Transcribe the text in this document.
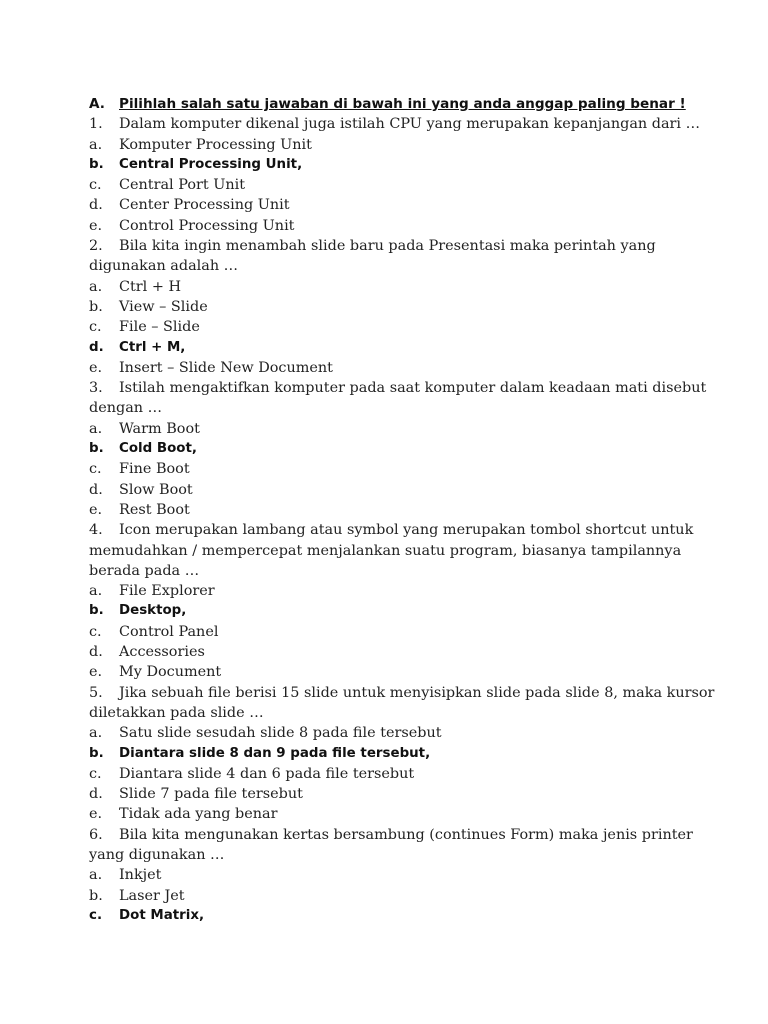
A. Pilihlah salah satu jawaban di bawah ini yang anda anggap paling benar !
1. Dalam komputer dikenal juga istilah CPU yang merupakan kepanjangan dari …
a. Komputer Processing Unit
b. Central Processing Unit,
c. Central Port Unit
d. Center Processing Unit
e. Control Processing Unit
2. Bila kita ingin menambah slide baru pada Presentasi maka perintah yang digunakan adalah …
a. Ctrl + H
b. View – Slide
c. File – Slide
d. Ctrl + M,
e. Insert – Slide New Document
3. Istilah mengaktifkan komputer pada saat komputer dalam keadaan mati disebut dengan …
a. Warm Boot
b. Cold Boot,
c. Fine Boot
d. Slow Boot
e. Rest Boot
4. Icon merupakan lambang atau symbol yang merupakan tombol shortcut untuk memudahkan / mempercepat menjalankan suatu program, biasanya tampilannya berada pada …
a. File Explorer
b. Desktop,
c. Control Panel
d. Accessories
e. My Document
5. Jika sebuah file berisi 15 slide untuk menyisipkan slide pada slide 8, maka kursor diletakkan pada slide …
a. Satu slide sesudah slide 8 pada file tersebut
b. Diantara slide 8 dan 9 pada file tersebut,
c. Diantara slide 4 dan 6 pada file tersebut
d. Slide 7 pada file tersebut
e. Tidak ada yang benar
6. Bila kita mengunakan kertas bersambung (continues Form) maka jenis printer yang digunakan …
a. Inkjet
b. Laser Jet
c. Dot Matrix,
